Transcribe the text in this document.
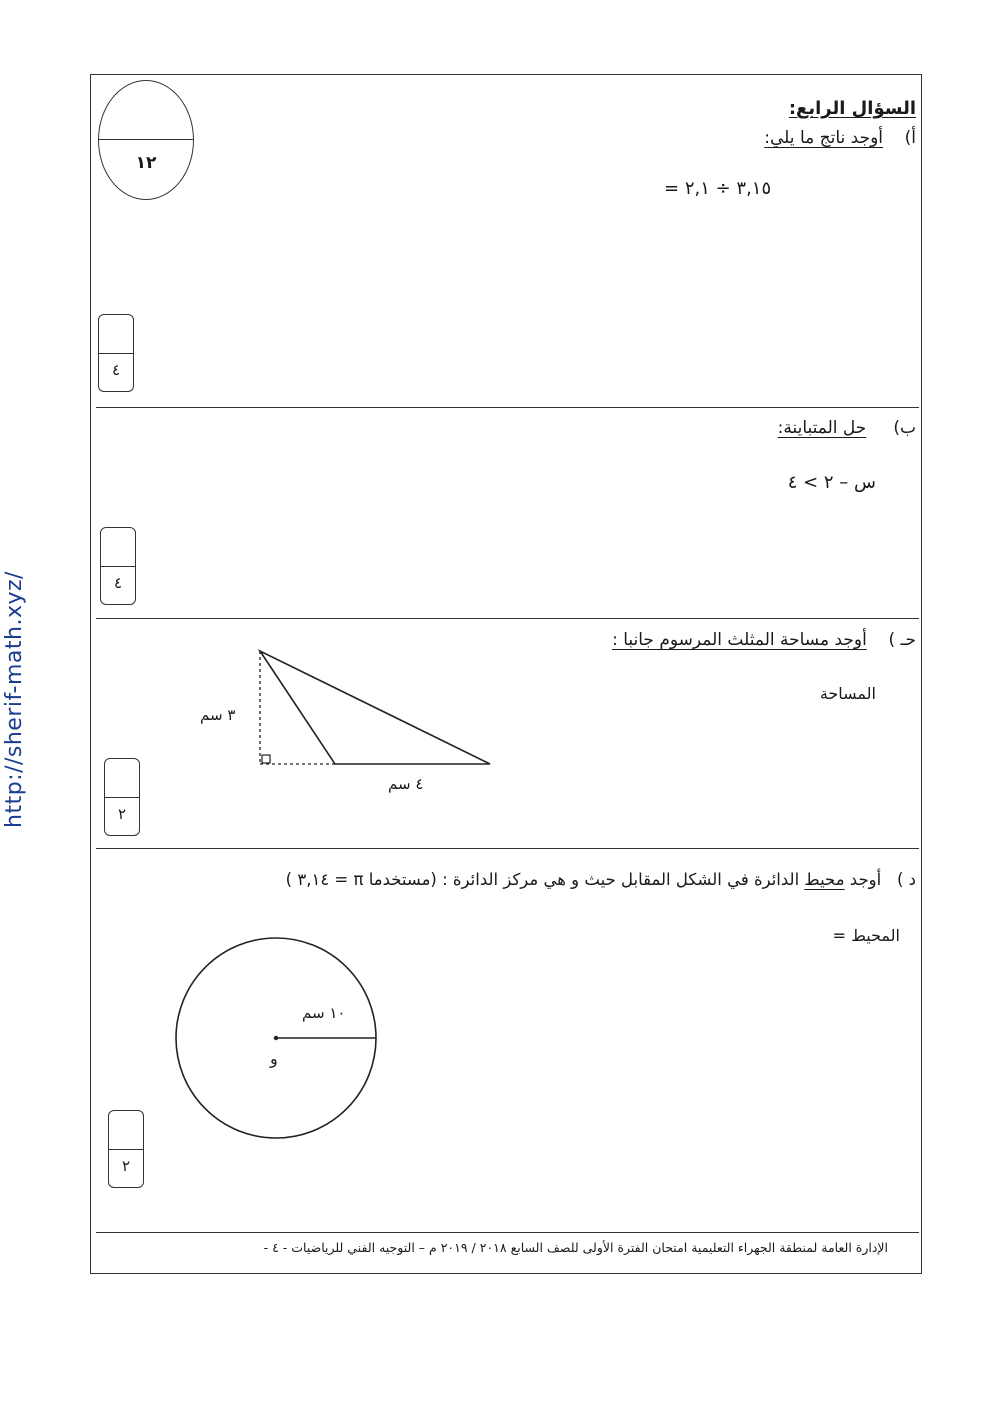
http://sherif-math.xyz/
١٢
السؤال الرابع:
أ)    أوجد ناتج ما يلي:
٣,١٥ ÷ ٢,١ =
٤
ب)     حل المتباينة:
س – ٢ > ٤
٤
حـ )    أوجد مساحة المثلث المرسوم جانبا :
المساحة
٣ سم
٤ سم
٢
د )   أوجد محيط الدائرة في الشكل المقابل حيث و هي مركز الدائرة : (مستخدما π = ٣,١٤ )
المحيط =
١٠ سم
و
٢
الإدارة العامة لمنطقة الجهراء التعليمية امتحان الفترة الأولى للصف السابع ٢٠١٨ / ٢٠١٩ م – التوجيه الفني للرياضيات - ٤ -
